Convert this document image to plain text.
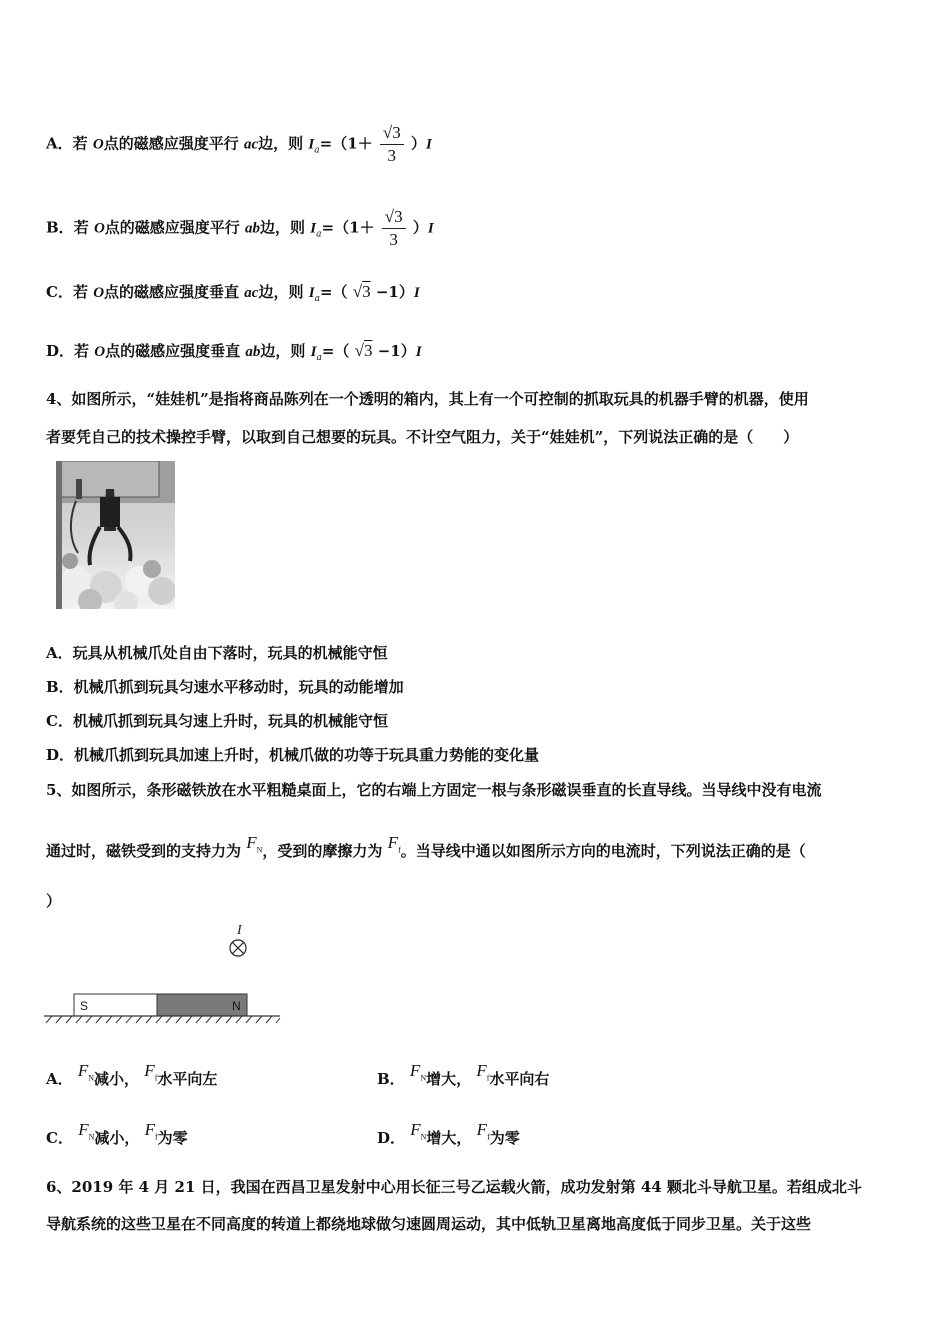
A．若 O点的磁感应强度平行 ac边，则 $I_a=(1+ \frac{√3}{3} )I$
B．若 O点的磁感应强度平行 ab边，则 $I_a=(1+ \frac{√3}{3} )I$
C．若 O点的磁感应强度垂直 ac边，则 $I_a=$（ √3 −1）I
D．若 O点的磁感应强度垂直 ab边，则 $I_a=$（ √3 −1）I
4、如图所示，“娃娃机”是指将商品陈列在一个透明的箱内，其上有一个可控制的抓取玩具的机器手臂的机器，使用
者要凭自己的技术操控手臂，以取到自己想要的玩具。不计空气阻力，关于“娃娃机”，下列说法正确的是（　　）
A．玩具从机械爪处自由下落时，玩具的机械能守恒
B．机械爪抓到玩具匀速水平移动时，玩具的动能增加
C．机械爪抓到玩具匀速上升时，玩具的机械能守恒
D．机械爪抓到玩具加速上升时，机械爪做的功等于玩具重力势能的变化量
5、如图所示，条形磁铁放在水平粗糙桌面上，它的右端上方固定一根与条形磁误垂直的长直导线。当导线中没有电流
通过时，磁铁受到的支持力为 $F_N$，受到的摩擦力为 $F_f$。当导线中通以如图所示方向的电流时，下列说法正确的是（
）
I
S	N
A． $F_N$减小， $F_f$水平向左	B． $F_N$增大， $F_f$水平向右
C． $F_N$减小， $F_f$为零	D． $F_N$增大， $F_f$为零
6、2019 年 4 月 21 日，我国在西昌卫星发射中心用长征三号乙运载火箭，成功发射第 44 颗北斗导航卫星。若组成北斗
导航系统的这些卫星在不同高度的转道上都绕地球做匀速圆周运动，其中低轨卫星离地高度低于同步卫星。关于这些
